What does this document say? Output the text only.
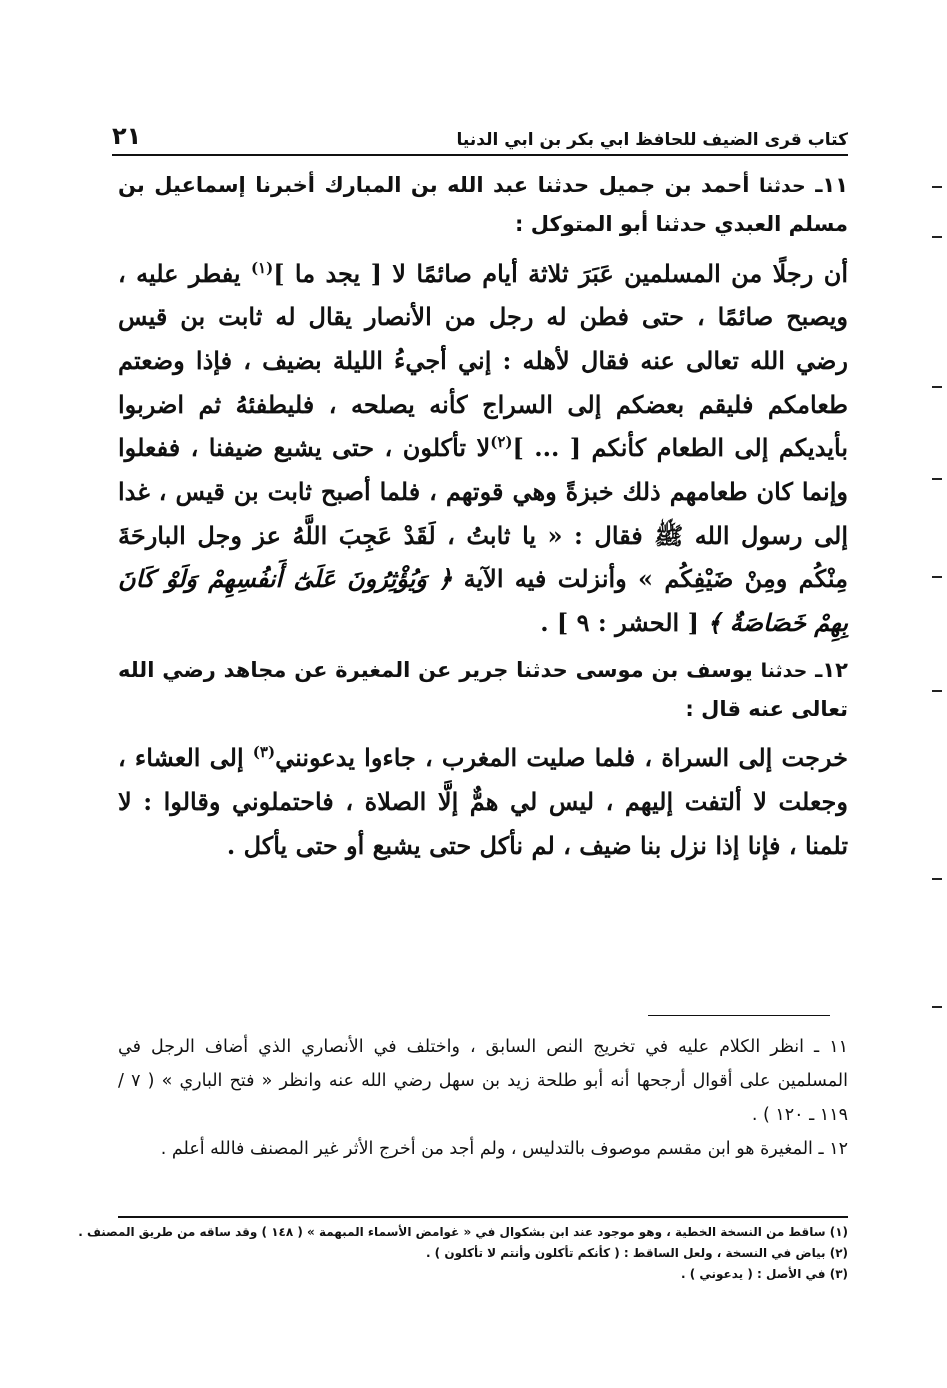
كتاب قرى الضيف للحافظ ابي بكر بن ابي الدنيا
٢١
١١ـ حدثنا أحمد بن جميل حدثنا عبد الله بن المبارك أخبرنا إسماعيل بن مسلم العبدي حدثنا أبو المتوكل :
أن رجلًا من المسلمين عَبَرَ ثلاثة أيام صائمًا لا [ يجد ما ]$^{(١)}$ يفطر عليه ، ويصبح صائمًا ، حتى فطن له رجل من الأنصار يقال له ثابت بن قيس رضي الله تعالى عنه فقال لأهله : إني أجيءُ الليلة بضيف ، فإذا وضعتم طعامكم فليقم بعضكم إلى السراج كأنه يصلحه ، فليطفئهُ ثم اضربوا بأيديكم إلى الطعام كأنكم [ ... ]$^{(٢)}$لا تأكلون ، حتى يشبع ضيفنا ، ففعلوا وإنما كان طعامهم ذلك خبزةً وهي قوتهم ، فلما أصبح ثابت بن قيس ، غدا إلى رسول الله ﷺ فقال : « يا ثابتُ ، لَقَدْ عَجِبَ اللَّهُ عز وجل البارحَةَ مِنْكُم ومِنْ ضَيْفِكُم » وأنزلت فيه الآية ﴿ وَيُؤْثِرُونَ عَلَىٰٓ أَنفُسِهِمْ وَلَوْ كَانَ بِهِمْ خَصَاصَةٌ ﴾ [ الحشر : ٩ ] .
١٢ـ حدثنا يوسف بن موسى حدثنا جرير عن المغيرة عن مجاهد رضي الله تعالى عنه قال :
خرجت إلى السراة ، فلما صليت المغرب ، جاءوا يدعونني$^{(٣)}$ إلى العشاء ، وجعلت لا ألتفت إليهم ، ليس لي همٌّ إلَّا الصلاة ، فاحتملوني وقالوا : لا تلمنا ، فإنا إذا نزل بنا ضيف ، لم نأكل حتى يشبع أو حتى يأكل .

١١ ـ انظر الكلام عليه في تخريج النص السابق ، واختلف في الأنصاري الذي أضاف الرجل في المسلمين على أقوال أرجحها أنه أبو طلحة زيد بن سهل رضي الله عنه وانظر « فتح الباري » ( ٧ / ١١٩ ـ ١٢٠ ) .

١٢ ـ المغيرة هو ابن مقسم موصوف بالتدليس ، ولم أجد من أخرج الأثر غير المصنف فالله أعلم .

(١) ساقط من النسخة الخطية ، وهو موجود عند ابن بشكوال في « غوامض الأسماء المبهمة » ( ١٤٨ ) وقد ساقه من طريق المصنف .

(٢) بياض في النسخة ، ولعل الساقط : ( كأنكم تأكلون وأنتم لا تأكلون ) .

(٣) في الأصل : ( يدعوني ) .
